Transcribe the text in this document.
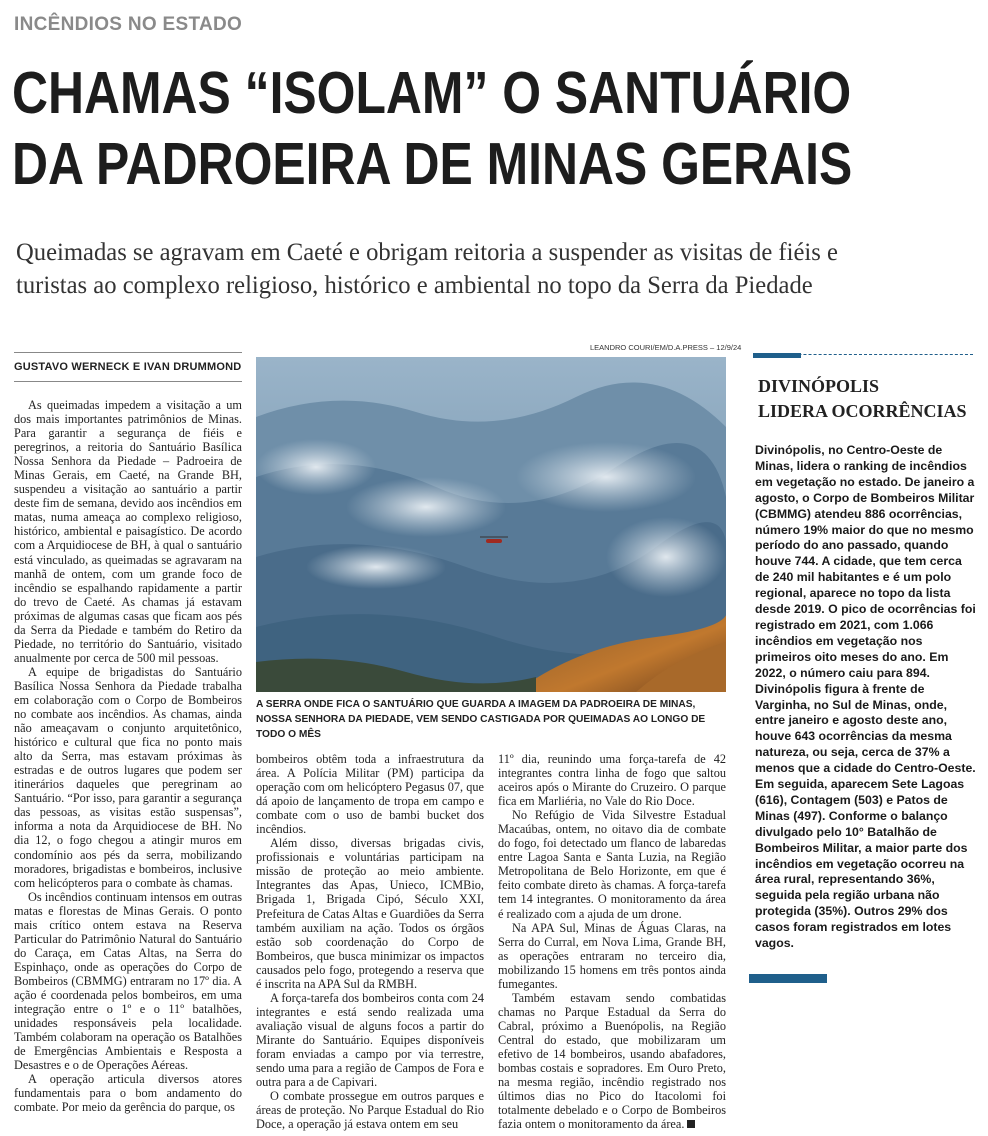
INCÊNDIOS NO ESTADO
CHAMAS “ISOLAM” O SANTUÁRIO
DA PADROEIRA DE MINAS GERAIS
Queimadas se agravam em Caeté e obrigam reitoria a suspender as visitas de fiéis e
turistas ao complexo religioso, histórico e ambiental no topo da Serra da Piedade
GUSTAVO WERNECK E IVAN DRUMMOND

As queimadas impedem a visitação a um dos mais importantes patrimônios de Minas. Para garantir a segurança de fiéis e peregrinos, a reitoria do Santuário Basílica Nossa Senhora da Piedade – Padroeira de Minas Gerais, em Caeté, na Grande BH, suspendeu a visitação ao santuário a partir deste fim de semana, devido aos incêndios em matas, numa ameaça ao complexo religioso, histórico, ambiental e paisagístico. De acordo com a Arquidiocese de BH, à qual o santuário está vinculado, as queimadas se agravaram na manhã de ontem, com um grande foco de incêndio se espalhando rapidamente a partir do trevo de Caeté. As chamas já estavam próximas de algumas casas que ficam aos pés da Serra da Piedade e também do Retiro da Piedade, no território do Santuário, visitado anualmente por cerca de 500 mil pessoas.

A equipe de brigadistas do Santuário Basílica Nossa Senhora da Piedade trabalha em colaboração com o Corpo de Bombeiros no combate aos incêndios. As chamas, ainda não ameaçavam o conjunto arquitetônico, histórico e cultural que fica no ponto mais alto da Serra, mas estavam próximas às estradas e de outros lugares que podem ser itinerários daqueles que peregrinam ao Santuário. “Por isso, para garantir a segurança das pessoas, as visitas estão suspensas”, informa a nota da Arquidiocese de BH. No dia 12, o fogo chegou a atingir muros em condomínio aos pés da serra, mobilizando moradores, brigadistas e bombeiros, inclusive com helicópteros para o combate às chamas.

Os incêndios continuam intensos em outras matas e florestas de Minas Gerais. O ponto mais crítico ontem estava na Reserva Particular do Patrimônio Natural do Santuário do Caraça, em Catas Altas, na Serra do Espinhaço, onde as operações do Corpo de Bombeiros (CBMMG) entraram no 17º dia. A ação é coordenada pelos bombeiros, em uma integração entre o 1º e o 11º batalhões, unidades responsáveis pela localidade. Também colaboram na operação os Batalhões de Emergências Ambientais e Resposta a Desastres e o de Operações Aéreas.

A operação articula diversos atores fundamentais para o bom andamento do combate. Por meio da gerência do parque, os

LEANDRO COURI/EM/D.A.PRESS – 12/9/24
A SERRA ONDE FICA O SANTUÁRIO QUE GUARDA A IMAGEM DA PADROEIRA DE MINAS, NOSSA SENHORA DA PIEDADE, VEM SENDO CASTIGADA POR QUEIMADAS AO LONGO DE TODO O MÊS

bombeiros obtêm toda a infraestrutura da área. A Polícia Militar (PM) participa da operação com om helicóptero Pegasus 07, que dá apoio de lançamento de tropa em campo e combate com o uso de bambi bucket dos incêndios.

Além disso, diversas brigadas civis, profissionais e voluntárias participam na missão de proteção ao meio ambiente. Integrantes das Apas, Unieco, ICMBio, Brigada 1, Brigada Cipó, Século XXI, Prefeitura de Catas Altas e Guardiões da Serra também auxiliam na ação. Todos os órgãos estão sob coordenação do Corpo de Bombeiros, que busca minimizar os impactos causados pelo fogo, protegendo a reserva que é inscrita na APA Sul da RMBH.

A força-tarefa dos bombeiros conta com 24 integrantes e está sendo realizada uma avaliação visual de alguns focos a partir do Mirante do Santuário. Equipes disponíveis foram enviadas a campo por via terrestre, sendo uma para a região de Campos de Fora e outra para a de Capivari.

O combate prossegue em outros parques e áreas de proteção. No Parque Estadual do Rio Doce, a operação já estava ontem em seu

11º dia, reunindo uma força-tarefa de 42 integrantes contra linha de fogo que saltou aceiros após o Mirante do Cruzeiro. O parque fica em Marliéria, no Vale do Rio Doce.

No Refúgio de Vida Silvestre Estadual Macaúbas, ontem, no oitavo dia de combate do fogo, foi detectado um flanco de labaredas entre Lagoa Santa e Santa Luzia, na Região Metropolitana de Belo Horizonte, em que é feito combate direto às chamas. A força-tarefa tem 14 integrantes. O monitoramento da área é realizado com a ajuda de um drone.

Na APA Sul, Minas de Águas Claras, na Serra do Curral, em Nova Lima, Grande BH, as operações entraram no terceiro dia, mobilizando 15 homens em três pontos ainda fumegantes.

Também estavam sendo combatidas chamas no Parque Estadual da Serra do Cabral, próximo a Buenópolis, na Região Central do estado, que mobilizaram um efetivo de 14 bombeiros, usando abafadores, bombas costais e sopradores. Em Ouro Preto, na mesma região, incêndio registrado nos últimos dias no Pico do Itacolomi foi totalmente debelado e o Corpo de Bombeiros fazia ontem o monitoramento da área.

DIVINÓPOLIS
LIDERA OCORRÊNCIAS
Divinópolis, no Centro-Oeste de Minas, lidera o ranking de incêndios em vegetação no estado. De janeiro a agosto, o Corpo de Bombeiros Militar (CBMMG) atendeu 886 ocorrências, número 19% maior do que no mesmo período do ano passado, quando houve 744. A cidade, que tem cerca de 240 mil habitantes e é um polo regional, aparece no topo da lista desde 2019. O pico de ocorrências foi registrado em 2021, com 1.066 incêndios em vegetação nos primeiros oito meses do ano. Em 2022, o número caiu para 894. Divinópolis figura à frente de Varginha, no Sul de Minas, onde, entre janeiro e agosto deste ano, houve 643 ocorrências da mesma natureza, ou seja, cerca de 37% a menos que a cidade do Centro-Oeste. Em seguida, aparecem Sete Lagoas (616), Contagem (503) e Patos de Minas (497). Conforme o balanço divulgado pelo 10° Batalhão de Bombeiros Militar, a maior parte dos incêndios em vegetação ocorreu na área rural, representando 36%, seguida pela região urbana não protegida (35%). Outros 29% dos casos foram registrados em lotes vagos.
